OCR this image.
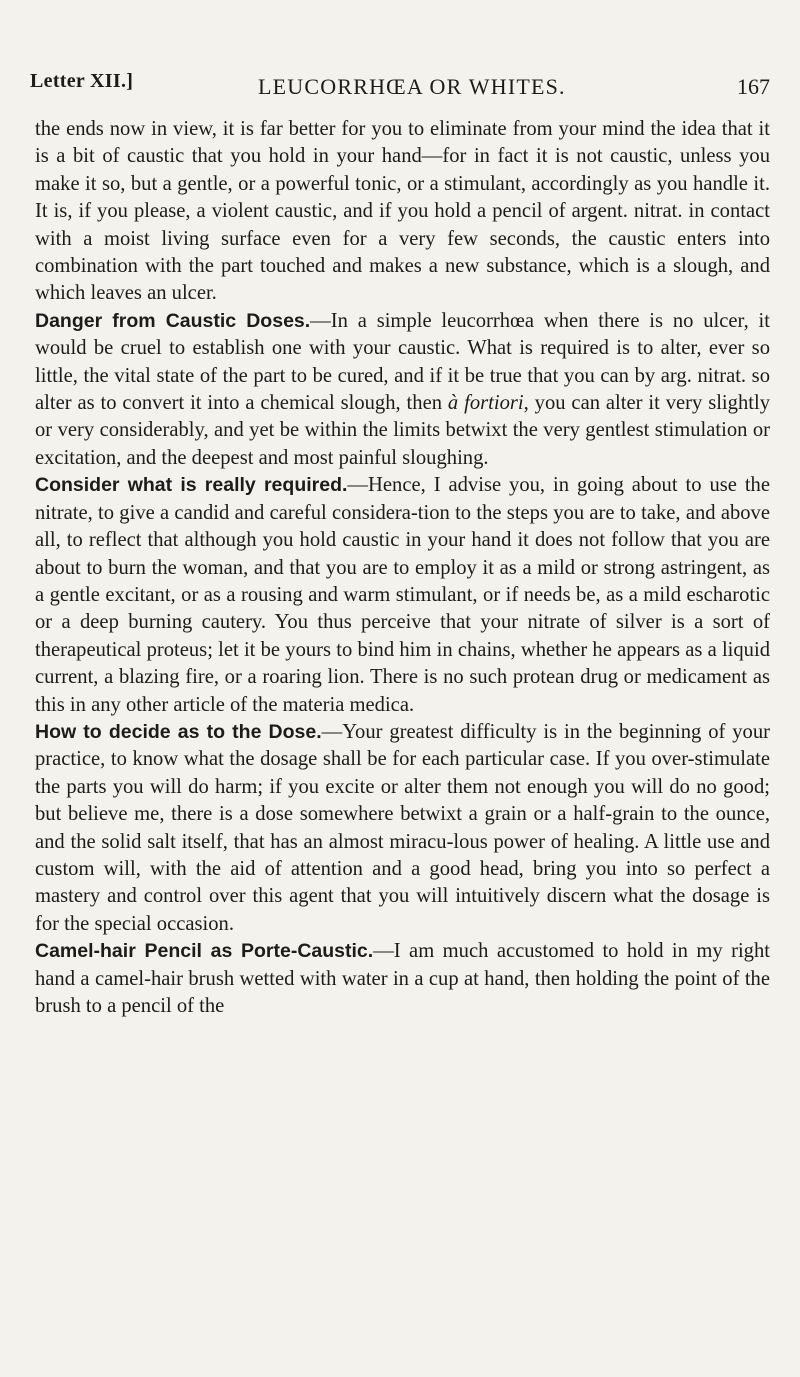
Letter XII.]	LEUCORRHŒA OR WHITES.	167

the ends now in view, it is far better for you to eliminate from your mind the idea that it is a bit of caustic that you hold in your hand—for in fact it is not caustic, unless you make it so, but a gentle, or a powerful tonic, or a stimulant, accordingly as you handle it. It is, if you please, a violent caustic, and if you hold a pencil of argent. nitrat. in contact with a moist living surface even for a very few seconds, the caustic enters into combination with the part touched and makes a new substance, which is a slough, and which leaves an ulcer.

Danger from Caustic Doses.—In a simple leucorrhœa when there is no ulcer, it would be cruel to establish one with your caustic. What is required is to alter, ever so little, the vital state of the part to be cured, and if it be true that you can by arg. nitrat. so alter as to convert it into a chemical slough, then à fortiori, you can alter it very slightly or very considerably, and yet be within the limits betwixt the very gentlest stimulation or excitation, and the deepest and most painful sloughing.

Consider what is really required.—Hence, I advise you, in going about to use the nitrate, to give a candid and careful considera-tion to the steps you are to take, and above all, to reflect that although you hold caustic in your hand it does not follow that you are about to burn the woman, and that you are to employ it as a mild or strong astringent, as a gentle excitant, or as a rousing and warm stimulant, or if needs be, as a mild escharotic or a deep burning cautery. You thus perceive that your nitrate of silver is a sort of therapeutical proteus; let it be yours to bind him in chains, whether he appears as a liquid current, a blazing fire, or a roaring lion. There is no such protean drug or medicament as this in any other article of the materia medica.

How to decide as to the Dose.—Your greatest difficulty is in the beginning of your practice, to know what the dosage shall be for each particular case. If you over-stimulate the parts you will do harm; if you excite or alter them not enough you will do no good; but believe me, there is a dose somewhere betwixt a grain or a half-grain to the ounce, and the solid salt itself, that has an almost miracu-lous power of healing. A little use and custom will, with the aid of attention and a good head, bring you into so perfect a mastery and control over this agent that you will intuitively discern what the dosage is for the special occasion.

Camel-hair Pencil as Porte-Caustic.—I am much accustomed to hold in my right hand a camel-hair brush wetted with water in a cup at hand, then holding the point of the brush to a pencil of the
